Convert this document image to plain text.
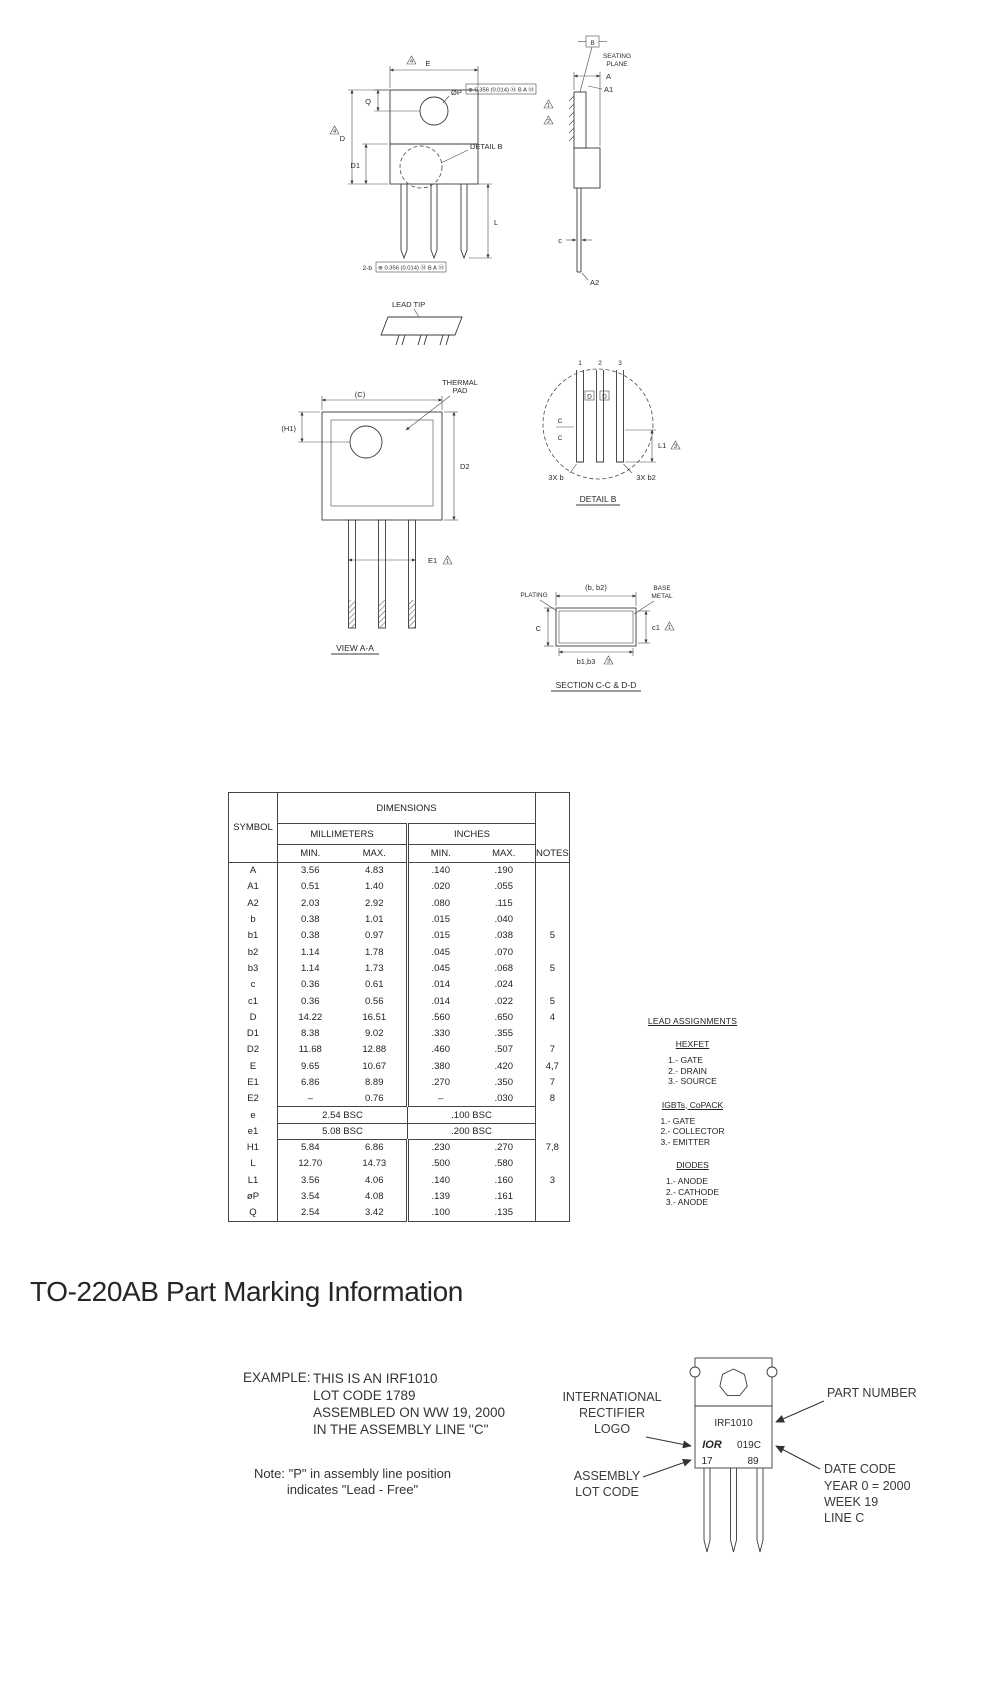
E
4
ØP ⊕ 0.356 (0.014) Ⓜ B A Ⓜ
Q
D
4
D1
DETAIL B
L
2-b ⊕ 0.356 (0.014) Ⓜ B A Ⓜ
LEAD TIP
B
SEATING
PLANE
A
A1
c
A2
1
2
(C)
THERMAL
PAD
(H1)
D2
E1 1
VIEW A-A
1	2	3
D D
C
C
3X b	3X b2
L1 3
DETAIL B
PLATING
(b, b2)	BASE
METAL
C	c1 1
b1,b3 3
SECTION C-C & D-D
SYMBOL	DIMENSIONS				NOTES
	MILLIMETERS		INCHES		
	MIN.	MAX.	MIN.	MAX.	
A	3.56	4.83	.140	.190	
A1	0.51	1.40	.020	.055	
A2	2.03	2.92	.080	.115	
b	0.38	1.01	.015	.040	
b1	0.38	0.97	.015	.038	5
b2	1.14	1.78	.045	.070	
b3	1.14	1.73	.045	.068	5
c	0.36	0.61	.014	.024	
c1	0.36	0.56	.014	.022	5
D	14.22	16.51	.560	.650	4
D1	8.38	9.02	.330	.355	
D2	11.68	12.88	.460	.507	7
E	9.65	10.67	.380	.420	4,7
E1	6.86	8.89	.270	.350	7
E2	–	0.76	–	.030	8
e	2.54 BSC		.100 BSC		
e1	5.08 BSC		.200 BSC		
H1	5.84	6.86	.230	.270	7,8
L	12.70	14.73	.500	.580	
L1	3.56	4.06	.140	.160	3
øP	3.54	4.08	.139	.161	
Q	2.54	3.42	.100	.135	
LEAD ASSIGNMENTS
HEXFET

1.- GATE
2.- DRAIN
3.- SOURCE
IGBTs, CoPACK

1.- GATE
2.- COLLECTOR
3.- EMITTER
DIODES

1.- ANODE
2.- CATHODE
3.- ANODE
TO-220AB Part Marking Information
EXAMPLE: THIS IS AN IRF1010
LOT CODE 1789
ASSEMBLED ON WW 19, 2000
IN THE ASSEMBLY LINE "C"
Note: "P" in assembly line position
indicates "Lead - Free"
INTERNATIONAL
RECTIFIER
LOGO
ASSEMBLY
LOT CODE
PART NUMBER
DATE CODE
YEAR 0 = 2000
WEEK 19
LINE C
IRF1010
IOR 019C
17	89
